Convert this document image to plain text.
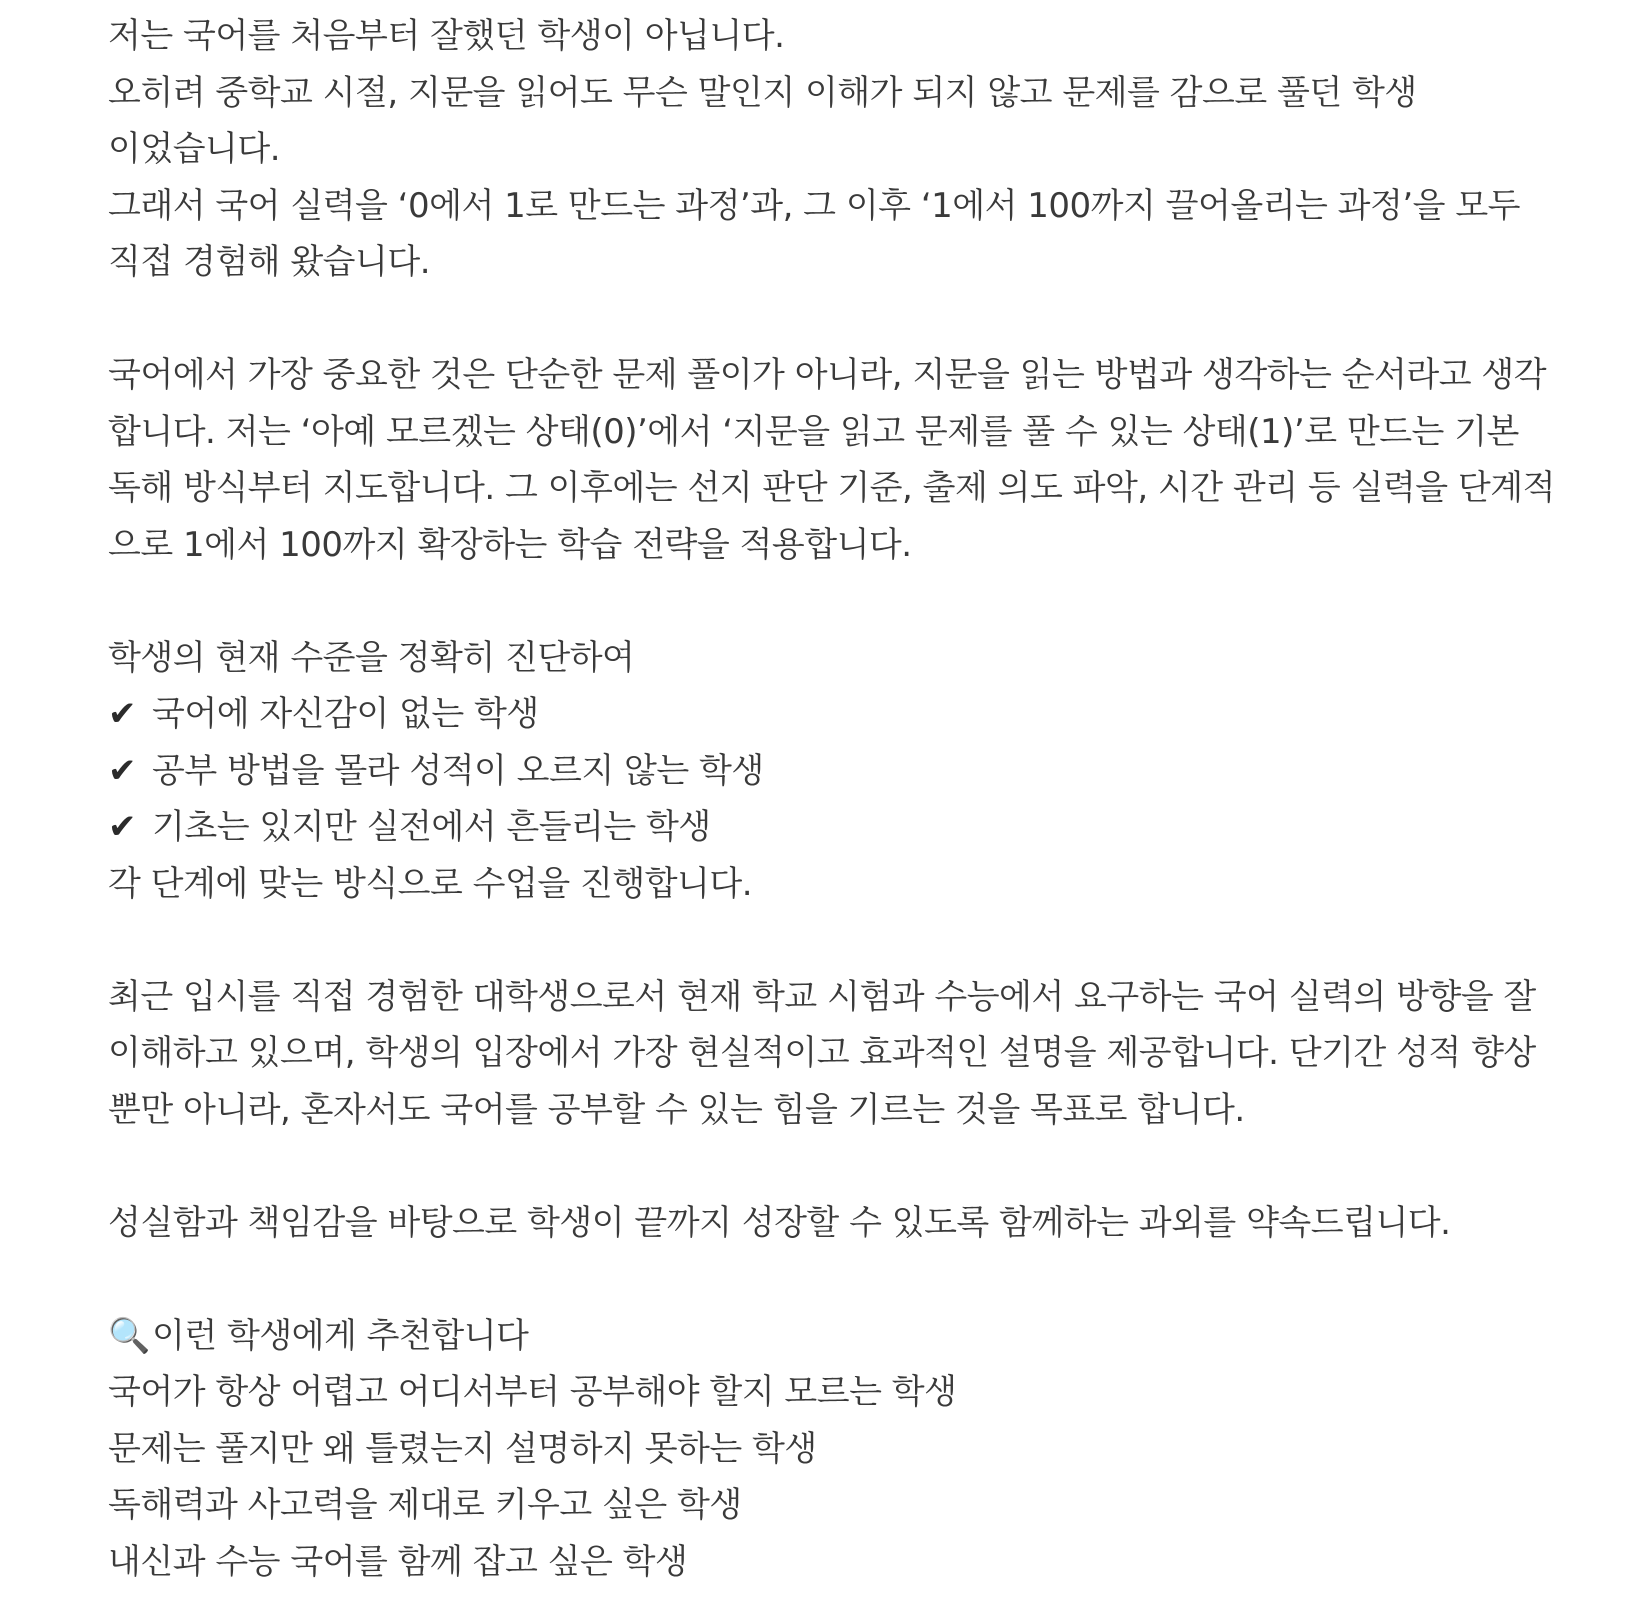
저는 국어를 처음부터 잘했던 학생이 아닙니다.
오히려 중학교 시절, 지문을 읽어도 무슨 말인지 이해가 되지 않고 문제를 감으로 풀던 학생
이었습니다.
그래서 국어 실력을 ‘0에서 1로 만드는 과정’과, 그 이후 ‘1에서 100까지 끌어올리는 과정’을 모두
직접 경험해 왔습니다.
국어에서 가장 중요한 것은 단순한 문제 풀이가 아니라, 지문을 읽는 방법과 생각하는 순서라고 생각
합니다. 저는 ‘아예 모르겠는 상태(0)’에서 ‘지문을 읽고 문제를 풀 수 있는 상태(1)’로 만드는 기본
독해 방식부터 지도합니다. 그 이후에는 선지 판단 기준, 출제 의도 파악, 시간 관리 등 실력을 단계적
으로 1에서 100까지 확장하는 학습 전략을 적용합니다.
학생의 현재 수준을 정확히 진단하여
✔ 국어에 자신감이 없는 학생
✔ 공부 방법을 몰라 성적이 오르지 않는 학생
✔ 기초는 있지만 실전에서 흔들리는 학생
각 단계에 맞는 방식으로 수업을 진행합니다.
최근 입시를 직접 경험한 대학생으로서 현재 학교 시험과 수능에서 요구하는 국어 실력의 방향을 잘
이해하고 있으며, 학생의 입장에서 가장 현실적이고 효과적인 설명을 제공합니다. 단기간 성적 향상
뿐만 아니라, 혼자서도 국어를 공부할 수 있는 힘을 기르는 것을 목표로 합니다.
성실함과 책임감을 바탕으로 학생이 끝까지 성장할 수 있도록 함께하는 과외를 약속드립니다.
🔍이런 학생에게 추천합니다
국어가 항상 어렵고 어디서부터 공부해야 할지 모르는 학생
문제는 풀지만 왜 틀렸는지 설명하지 못하는 학생
독해력과 사고력을 제대로 키우고 싶은 학생
내신과 수능 국어를 함께 잡고 싶은 학생
